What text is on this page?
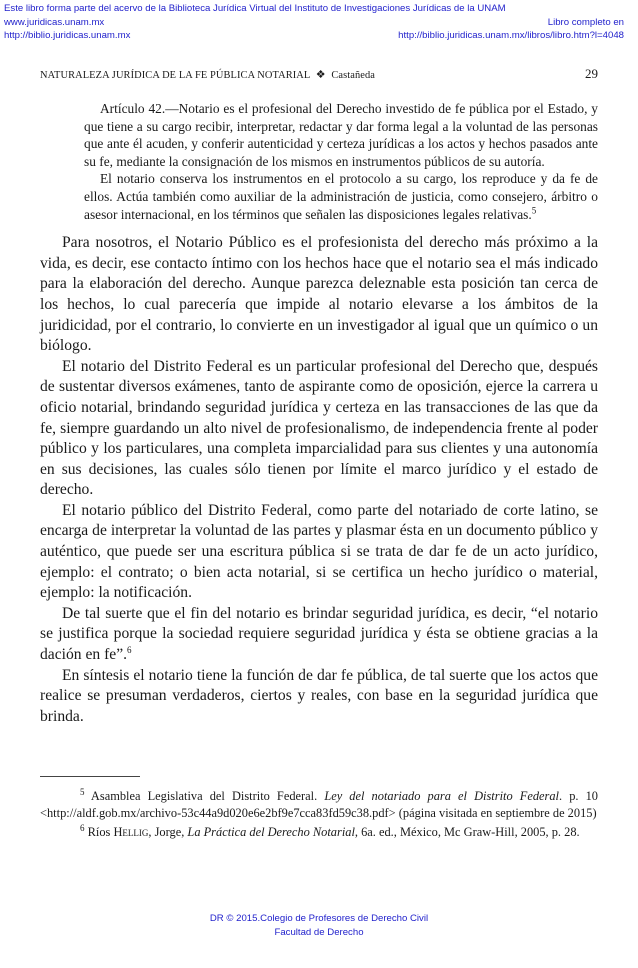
Este libro forma parte del acervo de la Biblioteca Jurídica Virtual del Instituto de Investigaciones Jurídicas de la UNAM
www.juridicas.unam.mx
http://biblio.juridicas.unam.mx
Libro completo en
http://biblio.juridicas.unam.mx/libros/libro.htm?l=4048
NATURALEZA JURÍDICA DE LA FE PÚBLICA NOTARIAL ❖ Castañeda	29

Artículo 42.—Notario es el profesional del Derecho investido de fe pública por el Estado, y que tiene a su cargo recibir, interpretar, redactar y dar forma legal a la voluntad de las personas que ante él acuden, y conferir autenticidad y certeza jurídicas a los actos y hechos pasados ante su fe, mediante la consignación de los mismos en instrumentos públicos de su autoría.

El notario conserva los instrumentos en el protocolo a su cargo, los reproduce y da fe de ellos. Actúa también como auxiliar de la administración de justicia, como consejero, árbitro o asesor internacional, en los términos que señalen las disposiciones legales relativas.$^5$

Para nosotros, el Notario Público es el profesionista del derecho más próximo a la vida, es decir, ese contacto íntimo con los hechos hace que el notario sea el más indicado para la elaboración del derecho. Aunque parezca deleznable esta posición tan cerca de los hechos, lo cual parecería que impide al notario elevarse a los ámbitos de la juridicidad, por el contrario, lo convierte en un investigador al igual que un químico o un biólogo.

El notario del Distrito Federal es un particular profesional del Derecho que, después de sustentar diversos exámenes, tanto de aspirante como de oposición, ejerce la carrera u oficio notarial, brindando seguridad jurídica y certeza en las transacciones de las que da fe, siempre guardando un alto nivel de profesionalismo, de independencia frente al poder público y los particulares, una completa imparcialidad para sus clientes y una autonomía en sus decisiones, las cuales sólo tienen por límite el marco jurídico y el estado de derecho.

El notario público del Distrito Federal, como parte del notariado de corte latino, se encarga de interpretar la voluntad de las partes y plasmar ésta en un documento público y auténtico, que puede ser una escritura pública si se trata de dar fe de un acto jurídico, ejemplo: el contrato; o bien acta notarial, si se certifica un hecho jurídico o material, ejemplo: la notificación.

De tal suerte que el fin del notario es brindar seguridad jurídica, es decir, “el notario se justifica porque la sociedad requiere seguridad jurídica y ésta se obtiene gracias a la dación en fe”.$^6$

En síntesis el notario tiene la función de dar fe pública, de tal suerte que los actos que realice se presuman verdaderos, ciertos y reales, con base en la seguridad jurídica que brinda.

$^5$ Asamblea Legislativa del Distrito Federal. Ley del notariado para el Distrito Federal. p. 10 <http://aldf.gob.mx/archivo-53c44a9d020e6e2bf9e7cca83fd59c38.pdf> (página visitada en septiembre de 2015)

$^6$ Ríos Hellig, Jorge, La Práctica del Derecho Notarial, 6a. ed., México, Mc Graw-Hill, 2005, p. 28.

DR © 2015.Colegio de Profesores de Derecho Civil
Facultad de Derecho
